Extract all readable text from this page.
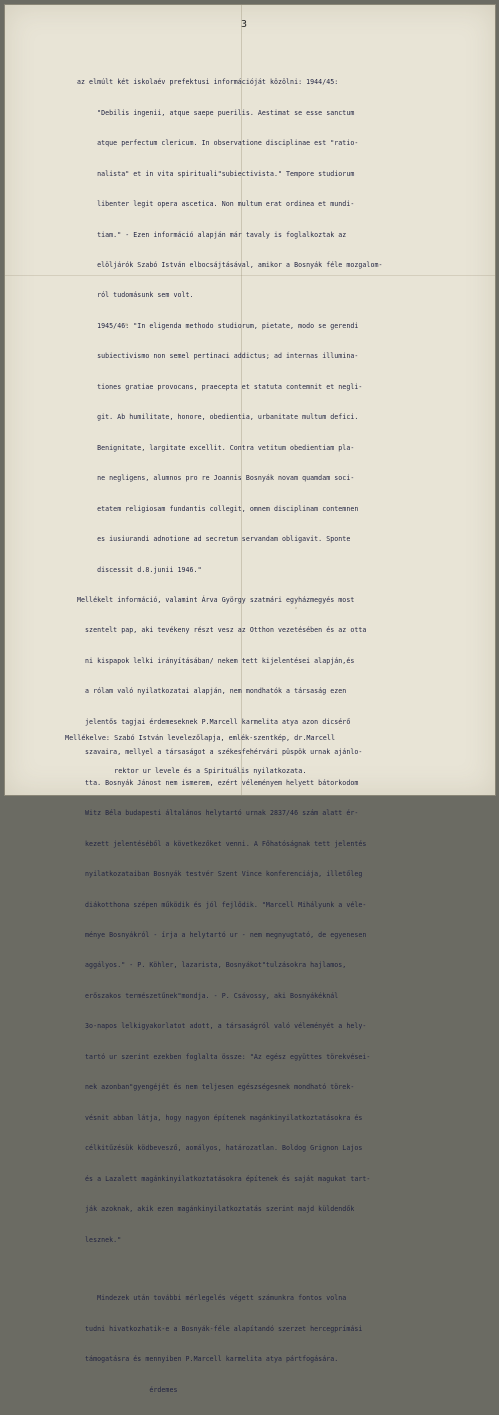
3

az elmúlt két iskolaév prefektusi információját közölni: 1944/45:

"Debilis ingenii, atque saepe puerilis. Aestimat se esse sanctum

atque perfectum clericum. In observatione disciplinae est "ratio-

nalista" et in vita spirituali"subiectivista." Tempore studiorum

libenter legit opera ascetica. Non multum erat ordinea et mundi-

tiam." - Ezen információ alapján már tavaly is foglalkoztak az

elöljárók Szabó István elbocsájtásával, amikor a Bosnyák féle mozgalom-

ról tudomásunk sem volt.

1945/46: "In eligenda methodo studiorum, pietate, modo se gerendi

subiectivismo non semel pertinaci addictus; ad internas illumina-

tiones gratiae provocans, praecepta et statuta contemnit et negli-

git. Ab humilitate, honore, obedientia, urbanitate multum defici.

Benignitate, largitate excellit. Contra vetitum obedientiam pla-

ne negligens, alumnos pro re Joannis Bosnyák novam quamdam soci-

etatem religiosam fundantis collegit, omnem disciplinam contemnen

es iusiurandi adnotione ad secretum servandam obligavit. Sponte

discessit d.8.junii 1946."

Mellékelt információ, valamint Árva György szatmári egyházmegyés most

szentelt pap, aki tevékeny részt vesz az Otthon vezetésében és az otta

ni kispapok lelki irányításában/ nekem tett kijelentései alapján,és

a rólam való nyilatkozatai alapján, nem mondhatók a társaság ezen

jelentős tagjai érdemeseknek P.Marcell karmelita atya azon dicsérő

szavaira, mellyel a társaságot a székesfehérvári püspök urnak ajánlo-

tta. Bosnyák Jánost nem ismerem, ezért véleményem helyett bátorkodom

Witz Béla budapesti általános helytartó urnak 2837/46 szám alatt ér-

kezett jelentéséből a következőket venni. A Főhatóságnak tett jelentés

nyilatkozataiban Bosnyák testvér Szent Vince konferenciája, illetőleg

diákotthona szépen működik és jól fejlődik. "Marcell Mihályunk a véle-

ménye Bosnyákról - írja a helytartó ur - nem megnyugtató, de egyenesen

aggályos." - P. Köhler, lazarista, Bosnyákot"tulzásokra hajlamos,

erőszakos természetűnek"mondja. - P. Csávossy, aki Bosnyákéknál

3o-napos lelkigyakorlatot adott, a társaságról való véleményét a hely-

tartó ur szerint ezekben foglalta össze: "Az egész együttes törekvései-

nek azonban"gyengéjét és nem teljesen egészségesnek mondható törek-

vésnit abban látja, hogy nagyon építenek magánkinyilatkoztatásokra és

célkitűzésük ködbevesző, aomályos, határozatlan. Boldog Grignon Lajos

és a Lazalett magánkinyilatkoztatásokra építenek és saját magukat tart-

ják azoknak, akik ezen magánkinyilatkoztatás szerint majd küldendők

lesznek."

Mindezek után további mérlegelés végett számunkra fontos volna

tudni hivatkozhatik-e a Bosnyák-féle alapítandó szerzet hercegprímási

támogatásra és mennyiben P.Marcell karmelita atya pártfogására.

érdemes

Mellékelve: Szabó István levelezőlapja, emlék-szentkép, dr.Marcell

rektor ur levele és a Spirituális nyilatkozata.
